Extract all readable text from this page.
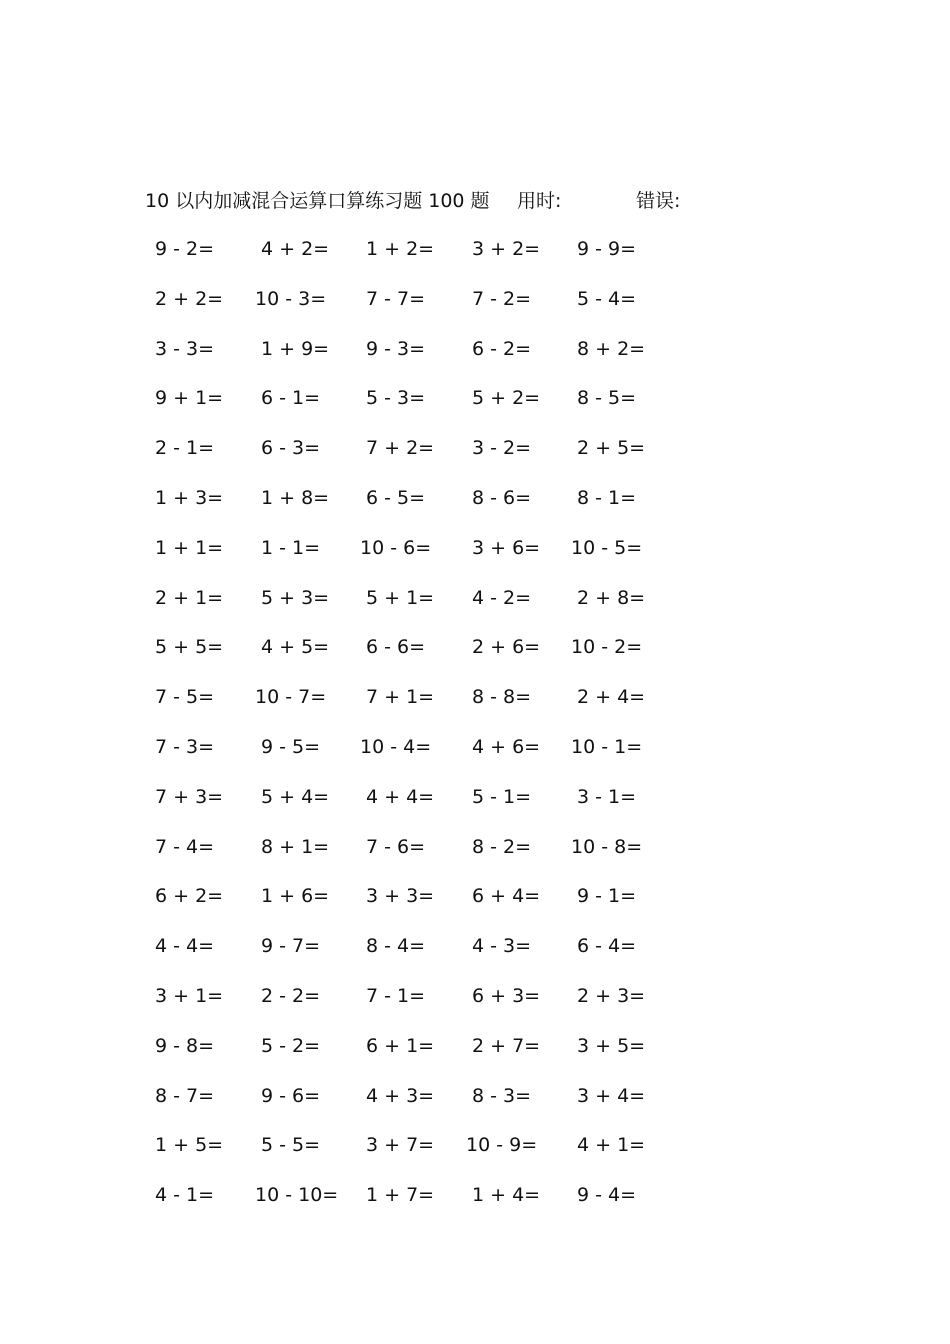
10 以内加减混合运算口算练习题 100 题 用时:	错误:
9 - 2= 4 + 2= 1 + 2= 3 + 2= 9 - 9=
2 + 2= 10 - 3= 7 - 7= 7 - 2= 5 - 4=
3 - 3= 1 + 9= 9 - 3= 6 - 2= 8 + 2=
9 + 1= 6 - 1= 5 - 3= 5 + 2= 8 - 5=
2 - 1= 6 - 3= 7 + 2= 3 - 2= 2 + 5=
1 + 3= 1 + 8= 6 - 5= 8 - 6= 8 - 1=
1 + 1= 1 - 1= 10 - 6= 3 + 6= 10 - 5=
2 + 1= 5 + 3= 5 + 1= 4 - 2= 2 + 8=
5 + 5= 4 + 5= 6 - 6= 2 + 6= 10 - 2=
7 - 5= 10 - 7= 7 + 1= 8 - 8= 2 + 4=
7 - 3= 9 - 5= 10 - 4= 4 + 6= 10 - 1=
7 + 3= 5 + 4= 4 + 4= 5 - 1= 3 - 1=
7 - 4= 8 + 1= 7 - 6= 8 - 2= 10 - 8=
6 + 2= 1 + 6= 3 + 3= 6 + 4= 9 - 1=
4 - 4= 9 - 7= 8 - 4= 4 - 3= 6 - 4=
3 + 1= 2 - 2= 7 - 1= 6 + 3= 2 + 3=
9 - 8= 5 - 2= 6 + 1= 2 + 7= 3 + 5=
8 - 7= 9 - 6= 4 + 3= 8 - 3= 3 + 4=
1 + 5= 5 - 5= 3 + 7= 10 - 9= 4 + 1=
4 - 1= 10 - 10= 1 + 7= 1 + 4= 9 - 4=
